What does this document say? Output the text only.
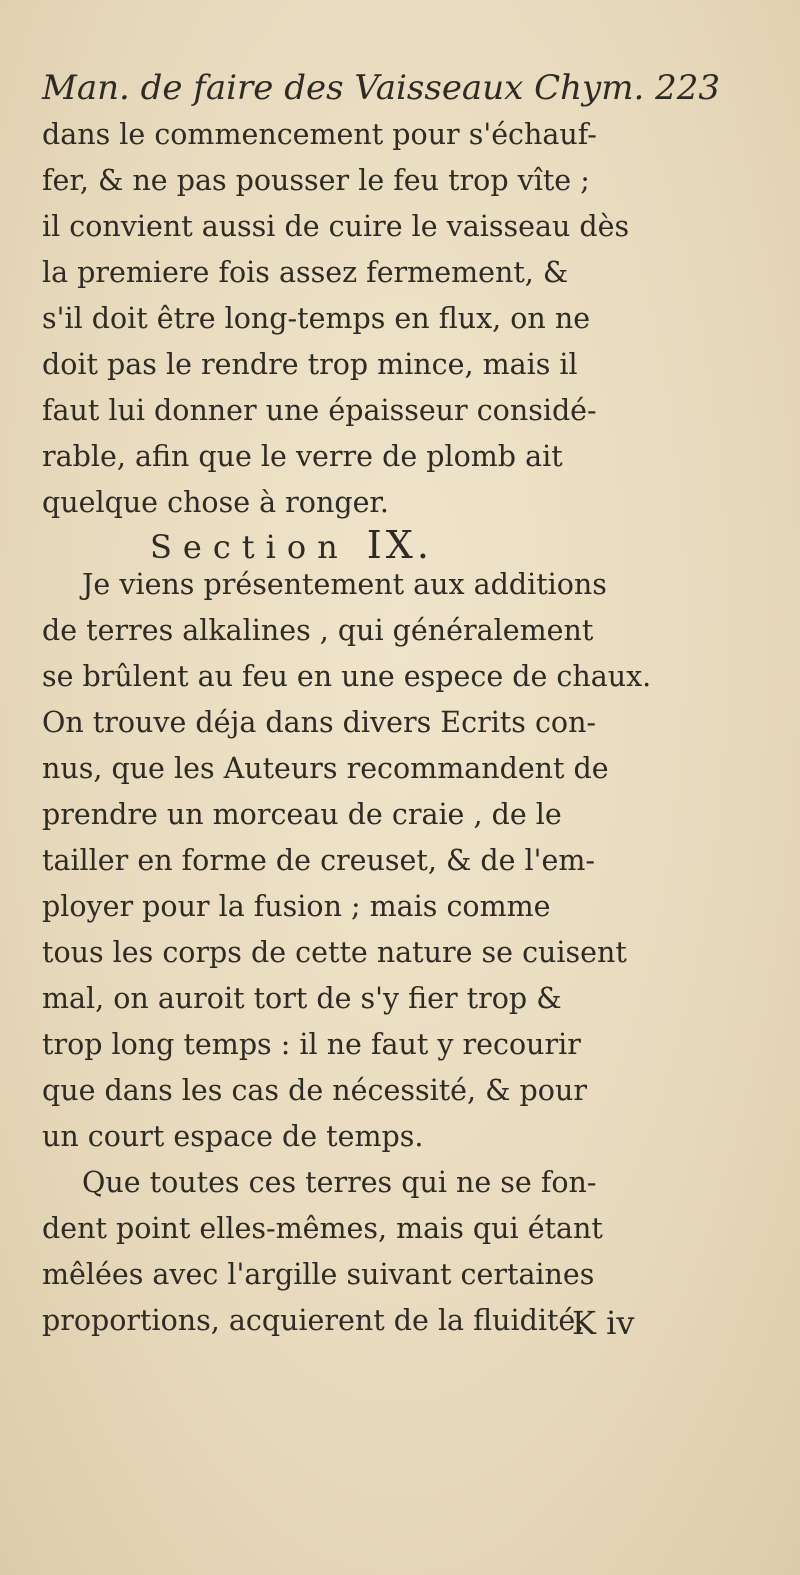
Man. de faire des Vaisseaux Chym. 223
dans le commencement pour s'échauf-
fer, & ne pas pousser le feu trop vîte ;
il convient aussi de cuire le vaisseau dès
la premiere fois assez fermement, &
s'il doit être long-temps en flux, on ne
doit pas le rendre trop mince, mais il
faut lui donner une épaisseur considé-
rable, afin que le verre de plomb ait
quelque chose à ronger.
Section IX.
Je viens présentement aux additions
de terres alkalines , qui généralement
se brûlent au feu en une espece de chaux.
On trouve déja dans divers Ecrits con-
nus, que les Auteurs recommandent de
prendre un morceau de craie , de le
tailler en forme de creuset, & de l'em-
ployer pour la fusion ; mais comme
tous les corps de cette nature se cuisent
mal, on auroit tort de s'y fier trop &
trop long temps : il ne faut y recourir
que dans les cas de nécessité, & pour
un court espace de temps.
Que toutes ces terres qui ne se fon-
dent point elles-mêmes, mais qui étant
mêlées avec l'argille suivant certaines
proportions, acquierent de la fluidité,
K iv
